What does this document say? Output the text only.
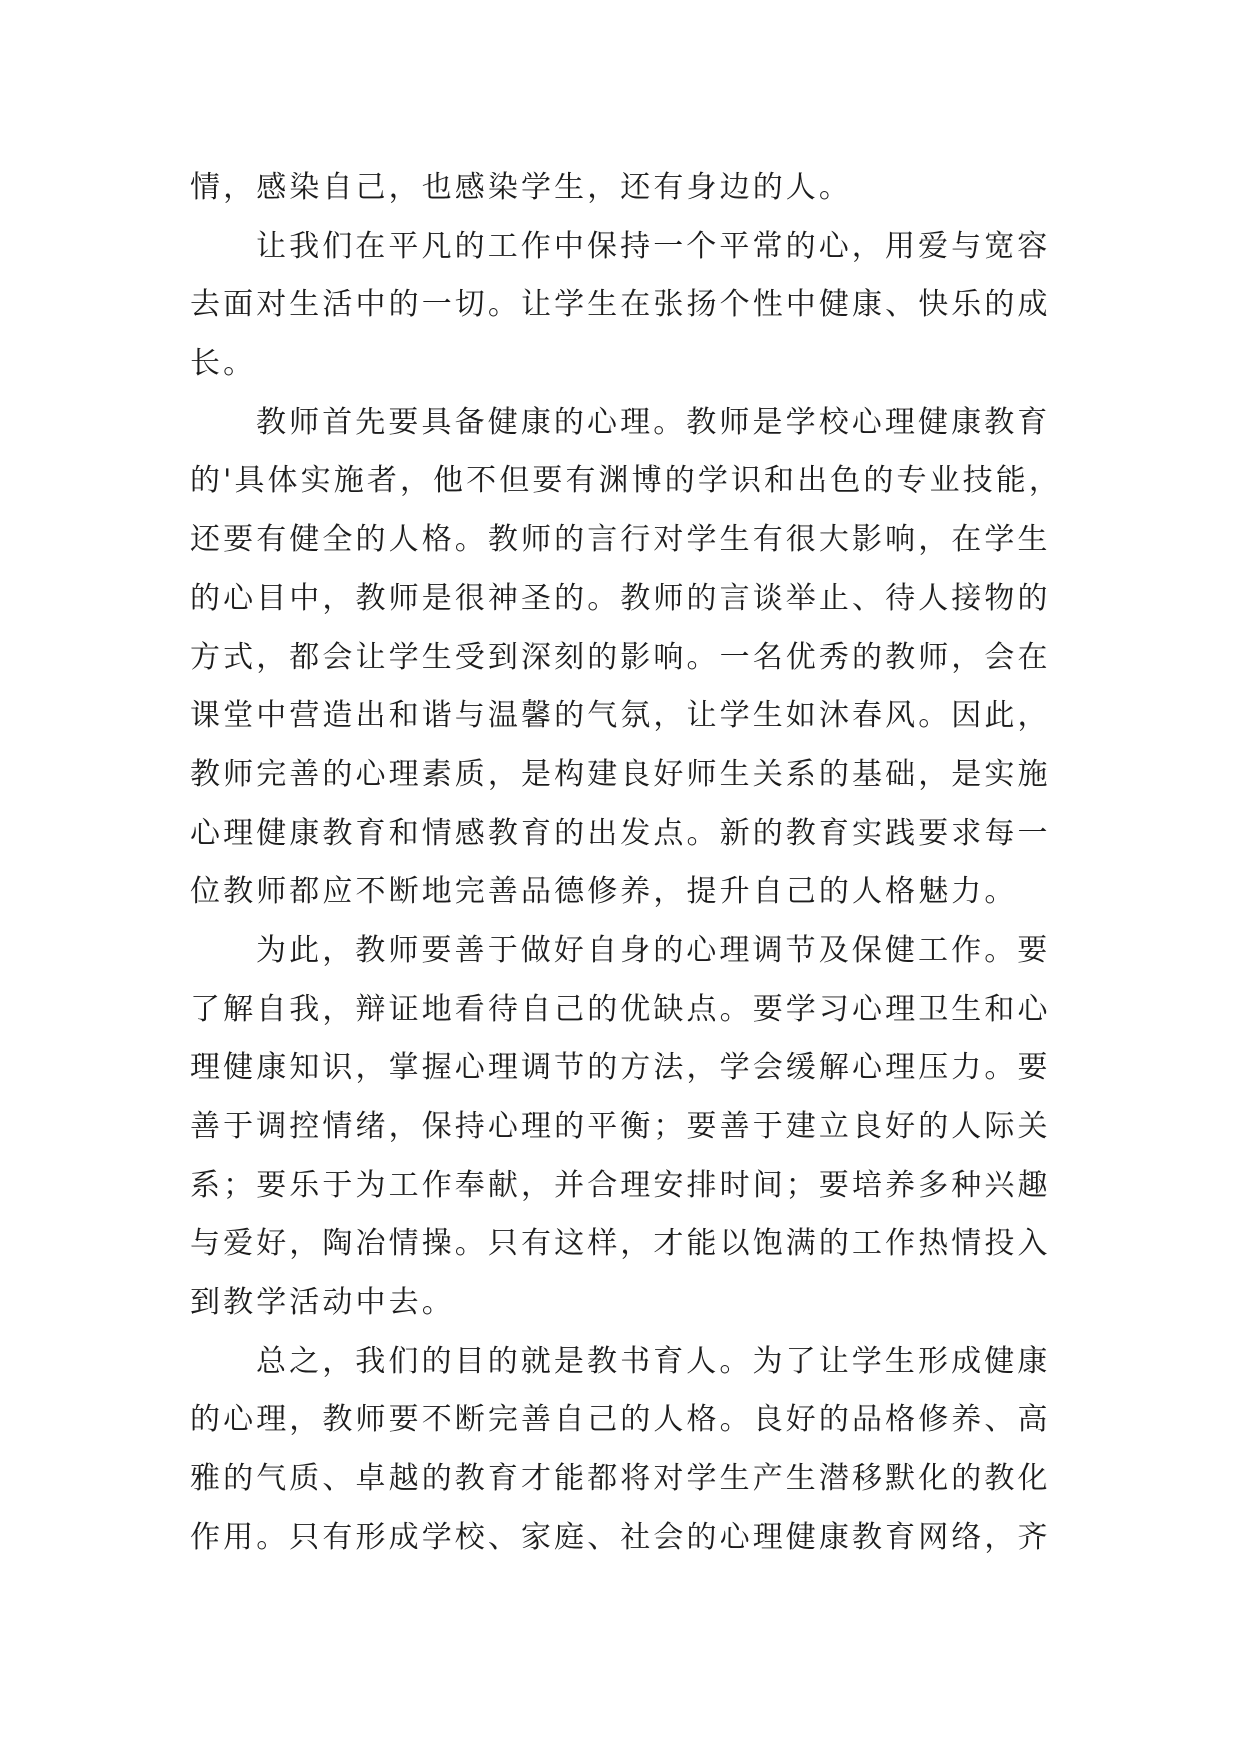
情，感染自己，也感染学生，还有身边的人。
让我们在平凡的工作中保持一个平常的心，用爱与宽容
去面对生活中的一切。让学生在张扬个性中健康、快乐的成
长。
教师首先要具备健康的心理。教师是学校心理健康教育
的'具体实施者，他不但要有渊博的学识和出色的专业技能，
还要有健全的人格。教师的言行对学生有很大影响，在学生
的心目中，教师是很神圣的。教师的言谈举止、待人接物的
方式，都会让学生受到深刻的影响。一名优秀的教师，会在
课堂中营造出和谐与温馨的气氛，让学生如沐春风。因此，
教师完善的心理素质，是构建良好师生关系的基础，是实施
心理健康教育和情感教育的出发点。新的教育实践要求每一
位教师都应不断地完善品德修养，提升自己的人格魅力。
为此，教师要善于做好自身的心理调节及保健工作。要
了解自我，辩证地看待自己的优缺点。要学习心理卫生和心
理健康知识，掌握心理调节的方法，学会缓解心理压力。要
善于调控情绪，保持心理的平衡；要善于建立良好的人际关
系；要乐于为工作奉献，并合理安排时间；要培养多种兴趣
与爱好，陶冶情操。只有这样，才能以饱满的工作热情投入
到教学活动中去。
总之，我们的目的就是教书育人。为了让学生形成健康
的心理，教师要不断完善自己的人格。良好的品格修养、高
雅的气质、卓越的教育才能都将对学生产生潜移默化的教化
作用。只有形成学校、家庭、社会的心理健康教育网络，齐
